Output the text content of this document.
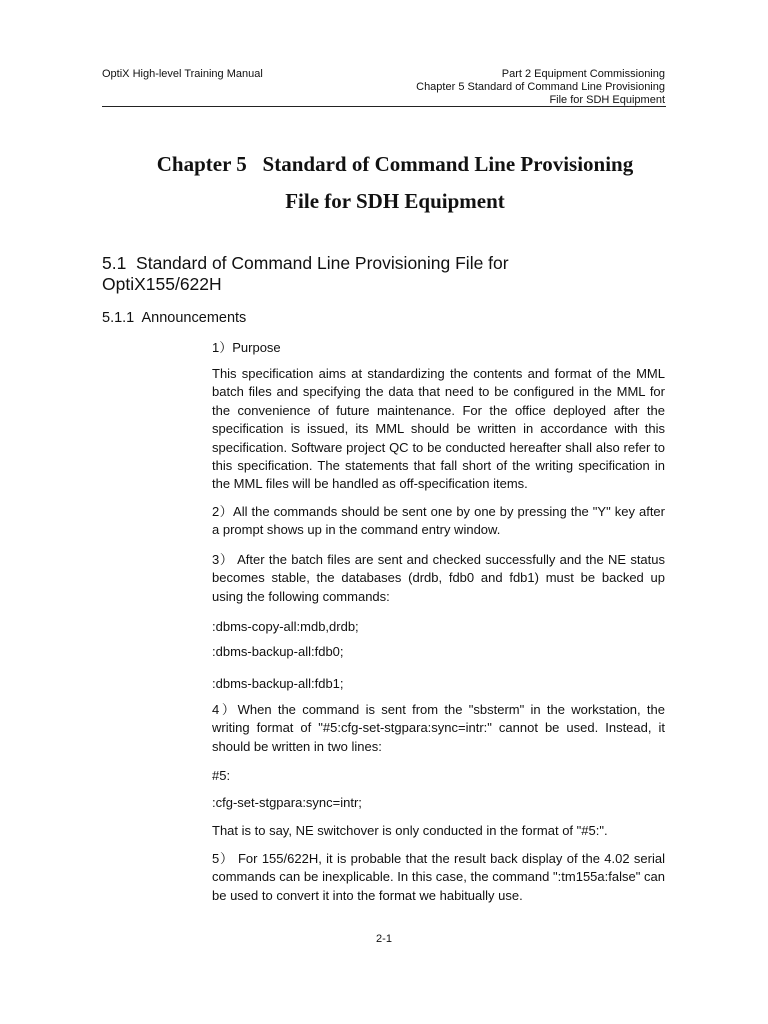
OptiX High-level Training Manual	Part 2 Equipment Commissioning
Chapter 5 Standard of Command Line Provisioning
File for SDH Equipment
Chapter 5   Standard of Command Line Provisioning
File for SDH Equipment
5.1  Standard of Command Line Provisioning File for
OptiX155/622H
5.1.1  Announcements

1）Purpose

This specification aims at standardizing the contents and format of the MML batch files and specifying the data that need to be configured in the MML for the convenience of future maintenance. For the office deployed after the specification is issued, its MML should be written in accordance with this specification. Software project QC to be conducted hereafter shall also refer to this specification. The statements that fall short of the writing specification in the MML files will be handled as off-specification items.

2）All the commands should be sent one by one by pressing the "Y" key after a prompt shows up in the command entry window.

3） After the batch files are sent and checked successfully and the NE status becomes stable, the databases (drdb, fdb0 and fdb1) must be backed up using the following commands:

:dbms-copy-all:mdb,drdb;

:dbms-backup-all:fdb0;

:dbms-backup-all:fdb1;

4）When the command is sent from the "sbsterm" in the workstation, the writing format of "#5:cfg-set-stgpara:sync=intr:" cannot be used. Instead, it should be written in two lines:

#5:

:cfg-set-stgpara:sync=intr;

That is to say, NE switchover is only conducted in the format of "#5:".

5） For 155/622H, it is probable that the result back display of the 4.02 serial commands can be inexplicable. In this case, the command ":tm155a:false" can be used to convert it into the format we habitually use.

2-1
